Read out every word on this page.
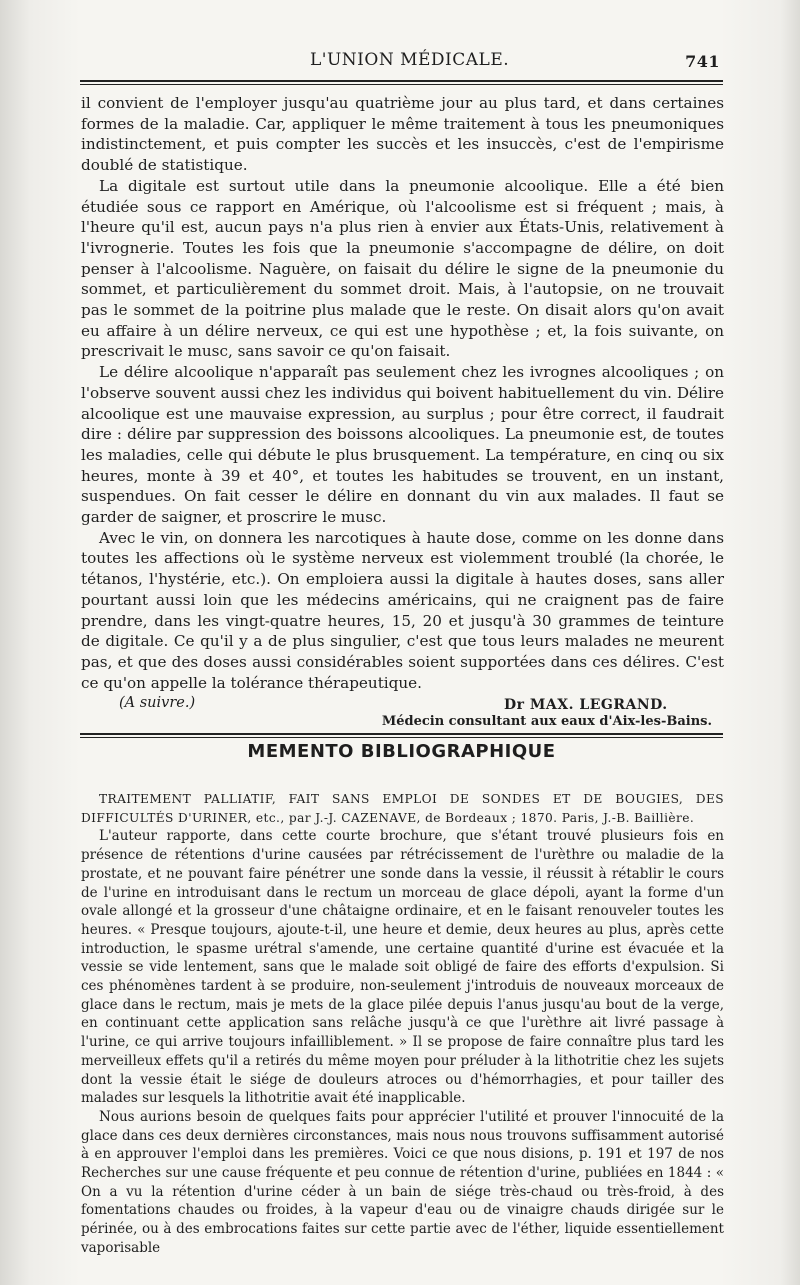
L'UNION MÉDICALE.	741

il convient de l'employer jusqu'au quatrième jour au plus tard, et dans certaines formes de la maladie. Car, appliquer le même traitement à tous les pneumoniques indistinctement, et puis compter les succès et les insuccès, c'est de l'empirisme doublé de statistique.

La digitale est surtout utile dans la pneumonie alcoolique. Elle a été bien étudiée sous ce rapport en Amérique, où l'alcoolisme est si fréquent ; mais, à l'heure qu'il est, aucun pays n'a plus rien à envier aux États-Unis, relativement à l'ivrognerie. Toutes les fois que la pneumonie s'accompagne de délire, on doit penser à l'alcoolisme. Naguère, on faisait du délire le signe de la pneumonie du sommet, et particulièrement du sommet droit. Mais, à l'autopsie, on ne trouvait pas le sommet de la poitrine plus malade que le reste. On disait alors qu'on avait eu affaire à un délire nerveux, ce qui est une hypothèse ; et, la fois suivante, on prescrivait le musc, sans savoir ce qu'on faisait.

Le délire alcoolique n'apparaît pas seulement chez les ivrognes alcooliques ; on l'observe souvent aussi chez les individus qui boivent habituellement du vin. Délire alcoolique est une mauvaise expression, au surplus ; pour être correct, il faudrait dire : délire par suppression des boissons alcooliques. La pneumonie est, de toutes les maladies, celle qui débute le plus brusquement. La température, en cinq ou six heures, monte à 39 et 40°, et toutes les habitudes se trouvent, en un instant, suspendues. On fait cesser le délire en donnant du vin aux malades. Il faut se garder de saigner, et proscrire le musc.

Avec le vin, on donnera les narcotiques à haute dose, comme on les donne dans toutes les affections où le système nerveux est violemment troublé (la chorée, le tétanos, l'hystérie, etc.). On emploiera aussi la digitale à hautes doses, sans aller pourtant aussi loin que les médecins américains, qui ne craignent pas de faire prendre, dans les vingt-quatre heures, 15, 20 et jusqu'à 30 grammes de teinture de digitale. Ce qu'il y a de plus singulier, c'est que tous leurs malades ne meurent pas, et que des doses aussi considérables soient supportées dans ces délires. C'est ce qu'on appelle la tolérance thérapeutique.

(A suivre.)	Dr MAX. LEGRAND.
Médecin consultant aux eaux d'Aix-les-Bains.
MEMENTO BIBLIOGRAPHIQUE

TRAITEMENT PALLIATIF, FAIT SANS EMPLOI DE SONDES ET DE BOUGIES, DES DIFFICULTÉS D'URINER, etc., par J.-J. CAZENAVE, de Bordeaux ; 1870. Paris, J.-B. Baillière.

L'auteur rapporte, dans cette courte brochure, que s'étant trouvé plusieurs fois en présence de rétentions d'urine causées par rétrécissement de l'urèthre ou maladie de la prostate, et ne pouvant faire pénétrer une sonde dans la vessie, il réussit à rétablir le cours de l'urine en introduisant dans le rectum un morceau de glace dépoli, ayant la forme d'un ovale allongé et la grosseur d'une châtaigne ordinaire, et en le faisant renouveler toutes les heures. « Presque toujours, ajoute-t-il, une heure et demie, deux heures au plus, après cette introduction, le spasme urétral s'amende, une certaine quantité d'urine est évacuée et la vessie se vide lentement, sans que le malade soit obligé de faire des efforts d'expulsion. Si ces phénomènes tardent à se produire, non-seulement j'introduis de nouveaux morceaux de glace dans le rectum, mais je mets de la glace pilée depuis l'anus jusqu'au bout de la verge, en continuant cette application sans relâche jusqu'à ce que l'urèthre ait livré passage à l'urine, ce qui arrive toujours infailliblement. » Il se propose de faire connaître plus tard les merveilleux effets qu'il a retirés du même moyen pour préluder à la lithotritie chez les sujets dont la vessie était le siége de douleurs atroces ou d'hémorrhagies, et pour tailler des malades sur lesquels la lithotritie avait été inapplicable.

Nous aurions besoin de quelques faits pour apprécier l'utilité et prouver l'innocuité de la glace dans ces deux dernières circonstances, mais nous nous trouvons suffisamment autorisé à en approuver l'emploi dans les premières. Voici ce que nous disions, p. 191 et 197 de nos Recherches sur une cause fréquente et peu connue de rétention d'urine, publiées en 1844 : « On a vu la rétention d'urine céder à un bain de siége très-chaud ou très-froid, à des fomentations chaudes ou froides, à la vapeur d'eau ou de vinaigre chauds dirigée sur le périnée, ou à des embrocations faites sur cette partie avec de l'éther, liquide essentiellement vaporisable
